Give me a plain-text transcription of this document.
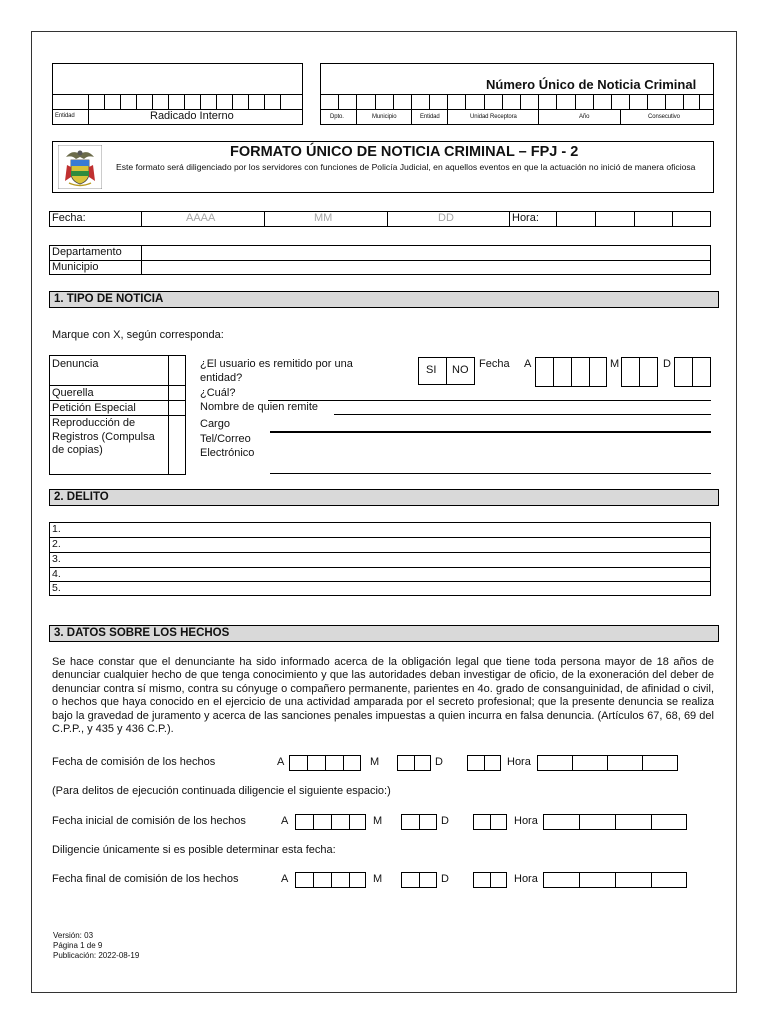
Entidad	Radicado Interno
Número Único de Noticia Criminal
Dpto.	Municipio	Entidad	Unidad Receptora	Año	Consecutivo
FORMATO ÚNICO DE NOTICIA CRIMINAL – FPJ - 2
Este formato será diligenciado por los servidores con funciones de Policía Judicial, en aquellos eventos en que la actuación no inició de manera oficiosa
Fecha:	AAAA	MM	DD	Hora:
Departamento
Municipio
1. TIPO DE NOTICIA
Marque con X, según corresponda:
Denuncia
Querella
Petición Especial
Reproducción de Registros (Compulsa de copias)
¿El usuario es remitido por una entidad?
SI NO Fecha A	M	D
¿Cuál?
Nombre de quien remite
Cargo
Tel/Correo Electrónico
2. DELITO
1.
2.
3.
4.
5.
3. DATOS SOBRE LOS HECHOS
Se hace constar que el denunciante ha sido informado acerca de la obligación legal que tiene toda persona mayor de 18 años de denunciar cualquier hecho de que tenga conocimiento y que las autoridades deban investigar de oficio, de la exoneración del deber de denunciar contra sí mismo, contra su cónyuge o compañero permanente, parientes en 4o. grado de consanguinidad, de afinidad o civil, o hechos que haya conocido en el ejercicio de una actividad amparada por el secreto profesional; que la presente denuncia se realiza bajo la gravedad de juramento y acerca de las sanciones penales impuestas a quien incurra en falsa denuncia. (Artículos 67, 68, 69 del C.P.P., y 435 y 436 C.P.).
Fecha de comisión de los hechos	A	M	D	Hora
(Para delitos de ejecución continuada diligencie el siguiente espacio:)
Fecha inicial de comisión de los hechos	A	M	D	Hora
Diligencie únicamente si es posible determinar esta fecha:
Fecha final de comisión de los hechos	A	M	D	Hora
Versión: 03
Página 1 de 9
Publicación: 2022-08-19
